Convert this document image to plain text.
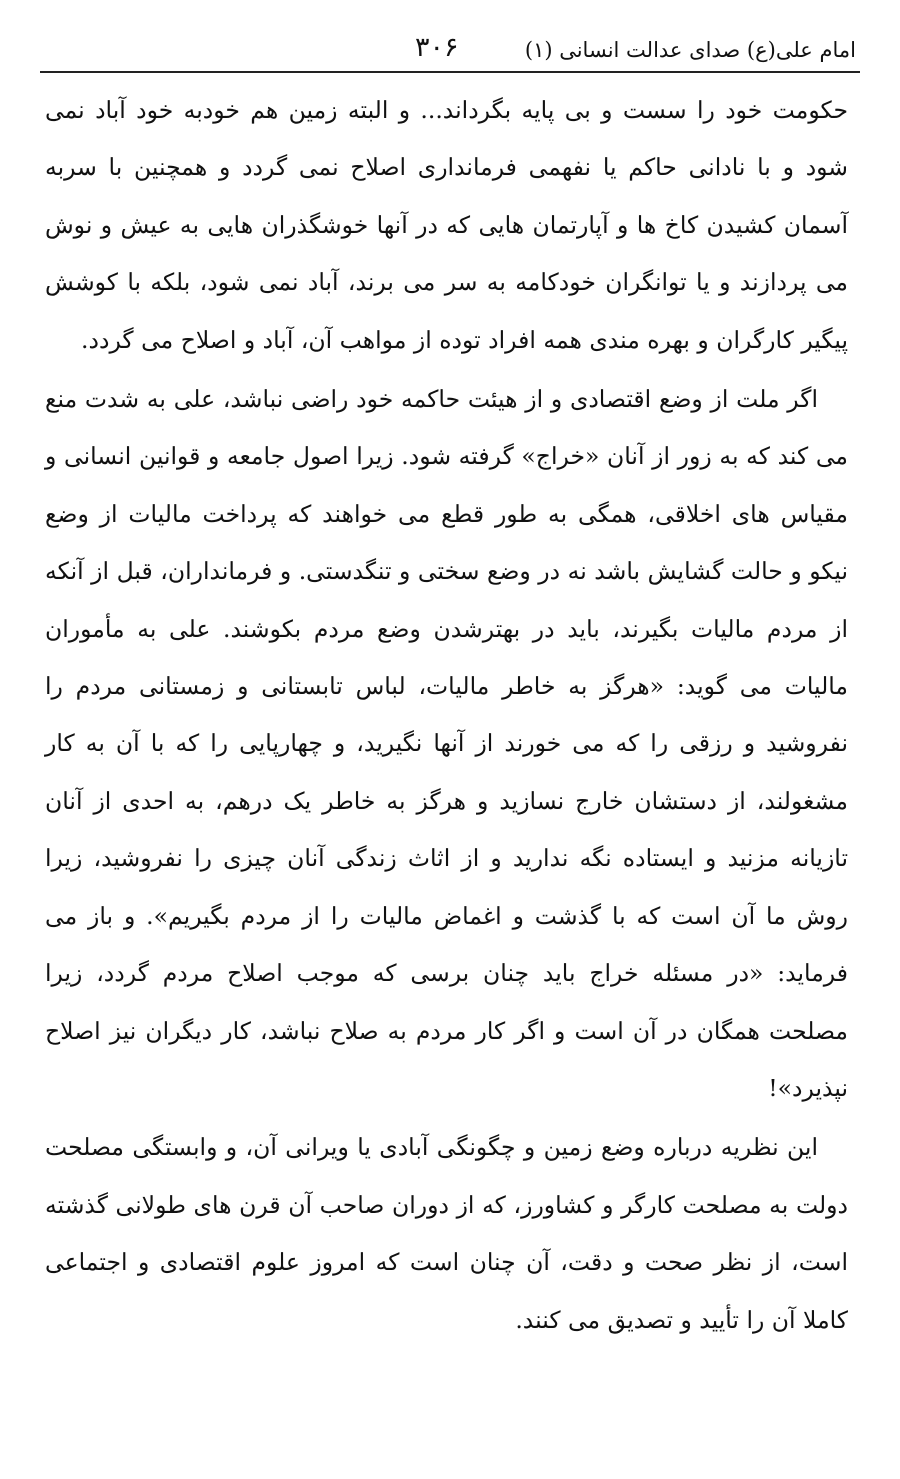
امام علی(ع) صدای عدالت انسانی (۱)
۳۰۶

حکومت خود را سست و بی پایه بگرداند... و البته زمین هم خودبه خود آباد نمی شود و با نادانی حاکم یا نفهمی فرمانداری اصلاح نمی گردد و همچنین با سربه آسمان کشیدن کاخ ها و آپارتمان هایی که در آنها خوشگذران هایی به عیش و نوش می پردازند و یا توانگران خودکامه به سر می برند، آباد نمی شود، بلکه با کوشش پیگیر کارگران و بهره مندی همه افراد توده از مواهب آن، آباد و اصلاح می گردد.

اگر ملت از وضع اقتصادی و از هیئت حاکمه خود راضی نباشد، علی به شدت منع می کند که به زور از آنان «خراج» گرفته شود. زیرا اصول جامعه و قوانین انسانی و مقیاس های اخلاقی، همگی به طور قطع می خواهند که پرداخت مالیات از وضع نیکو و حالت گشایش باشد نه در وضع سختی و تنگدستی. و فرمانداران، قبل از آنکه از مردم مالیات بگیرند، باید در بهترشدن وضع مردم بکوشند. علی به مأموران مالیات می گوید: «هرگز به خاطر مالیات، لباس تابستانی و زمستانی مردم را نفروشید و رزقی را که می خورند از آنها نگیرید، و چهارپایی را که با آن به کار مشغولند، از دستشان خارج نسازید و هرگز به خاطر یک درهم، به احدی از آنان تازیانه مزنید و ایستاده نگه ندارید و از اثاث زندگی آنان چیزی را نفروشید، زیرا روش ما آن است که با گذشت و اغماض مالیات را از مردم بگیریم». و باز می فرماید: «در مسئله خراج باید چنان برسی که موجب اصلاح مردم گردد، زیرا مصلحت همگان در آن است و اگر کار مردم به صلاح نباشد، کار دیگران نیز اصلاح نپذیرد»!

این نظریه درباره وضع زمین و چگونگی آبادی یا ویرانی آن، و وابستگی مصلحت دولت به مصلحت کارگر و کشاورز، که از دوران صاحب آن قرن های طولانی گذشته است، از نظر صحت و دقت، آن چنان است که امروز علوم اقتصادی و اجتماعی کاملا آن را تأیید و تصدیق می کنند.
